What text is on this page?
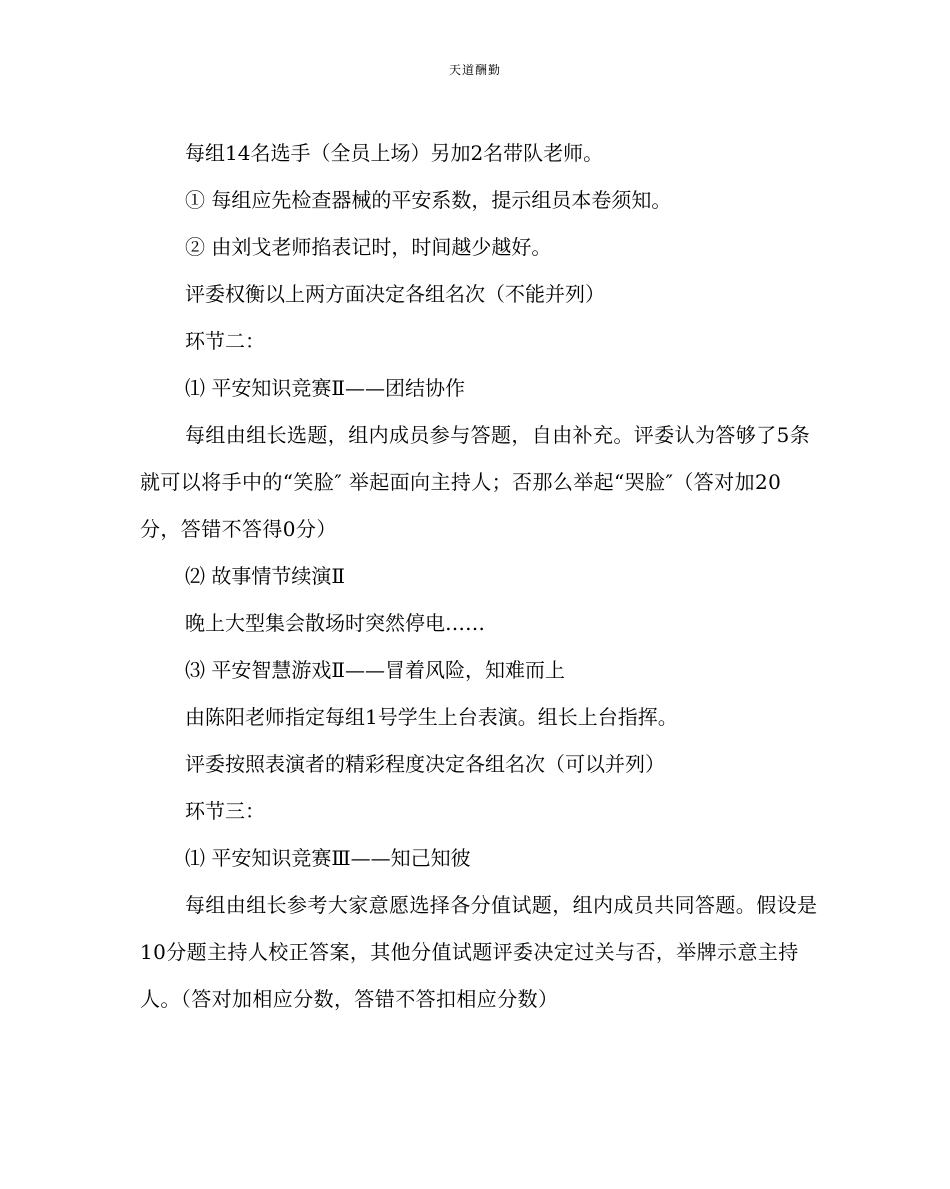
天道酬勤

每组14名选手（全员上场）另加2名带队老师。

① 每组应先检查器械的平安系数，提示组员本卷须知。

② 由刘戈老师掐表记时，时间越少越好。

评委权衡以上两方面决定各组名次（不能并列）

环节二：

⑴ 平安知识竞赛Ⅱ——团结协作

每组由组长选题，组内成员参与答题，自由补充。评委认为答够了5条就可以将手中的“笑脸″ 举起面向主持人；否那么举起“哭脸″（答对加20分，答错不答得0分）

⑵ 故事情节续演Ⅱ

晚上大型集会散场时突然停电……

⑶ 平安智慧游戏Ⅱ——冒着风险，知难而上

由陈阳老师指定每组1号学生上台表演。组长上台指挥。

评委按照表演者的精彩程度决定各组名次（可以并列）

环节三：

⑴ 平安知识竞赛Ⅲ——知己知彼

每组由组长参考大家意愿选择各分值试题，组内成员共同答题。假设是10分题主持人校正答案，其他分值试题评委决定过关与否，举牌示意主持人。（答对加相应分数，答错不答扣相应分数）
